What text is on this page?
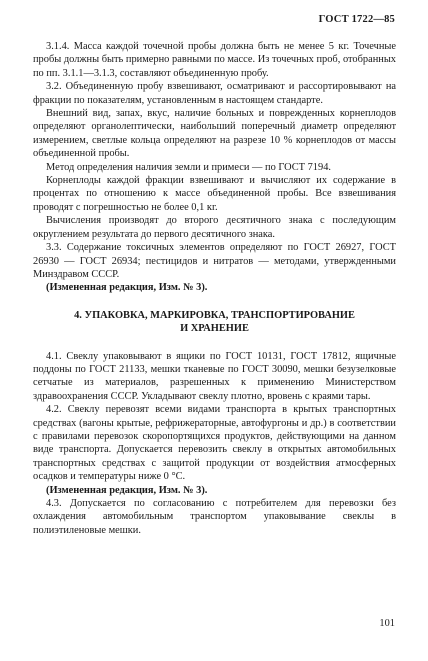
ГОСТ 1722—85

3.1.4. Масса каждой точечной пробы должна быть не менее 5 кг. Точечные пробы должны быть примерно равными по массе. Из точечных проб, отобранных по пп. 3.1.1—3.1.3, составляют объединенную пробу.

3.2. Объединенную пробу взвешивают, осматривают и рассортировывают на фракции по показателям, установленным в настоящем стандарте.

Внешний вид, запах, вкус, наличие больных и поврежденных корнеплодов определяют органолептически, наибольший поперечный диаметр определяют измерением, светлые кольца определяют на разрезе 10 % корнеплодов от массы объединенной пробы.

Метод определения наличия земли и примеси — по ГОСТ 7194.

Корнеплоды каждой фракции взвешивают и вычисляют их содержание в процентах по отношению к массе объединенной пробы. Все взвешивания проводят с погрешностью не более 0,1 кг.

Вычисления производят до второго десятичного знака с последующим округлением результата до первого десятичного знака.

3.3. Содержание токсичных элементов определяют по ГОСТ 26927, ГОСТ 26930 — ГОСТ 26934; пестицидов и нитратов — методами, утвержденными Минздравом СССР.

(Измененная редакция, Изм. № 3).

4. УПАКОВКА, МАРКИРОВКА, ТРАНСПОРТИРОВАНИЕ
И ХРАНЕНИЕ

4.1. Свеклу упаковывают в ящики по ГОСТ 10131, ГОСТ 17812, ящичные поддоны по ГОСТ 21133, мешки тканевые по ГОСТ 30090, мешки безузелковые сетчатые из материалов, разрешенных к применению Министерством здравоохранения СССР. Укладывают свеклу плотно, вровень с краями тары.

4.2. Свеклу перевозят всеми видами транспорта в крытых транспортных средствах (вагоны крытые, рефрижераторные, автофургоны и др.) в соответствии с правилами перевозок скоропортящихся продуктов, действующими на данном виде транспорта. Допускается перевозить свеклу в открытых автомобильных транспортных средствах с защитой продукции от воздействия атмосферных осадков и температуры ниже 0 °С.

(Измененная редакция, Изм. № 3).

4.3. Допускается по согласованию с потребителем для перевозки без охлаждения автомобильным транспортом упаковывание свеклы в полиэтиленовые мешки.

101
